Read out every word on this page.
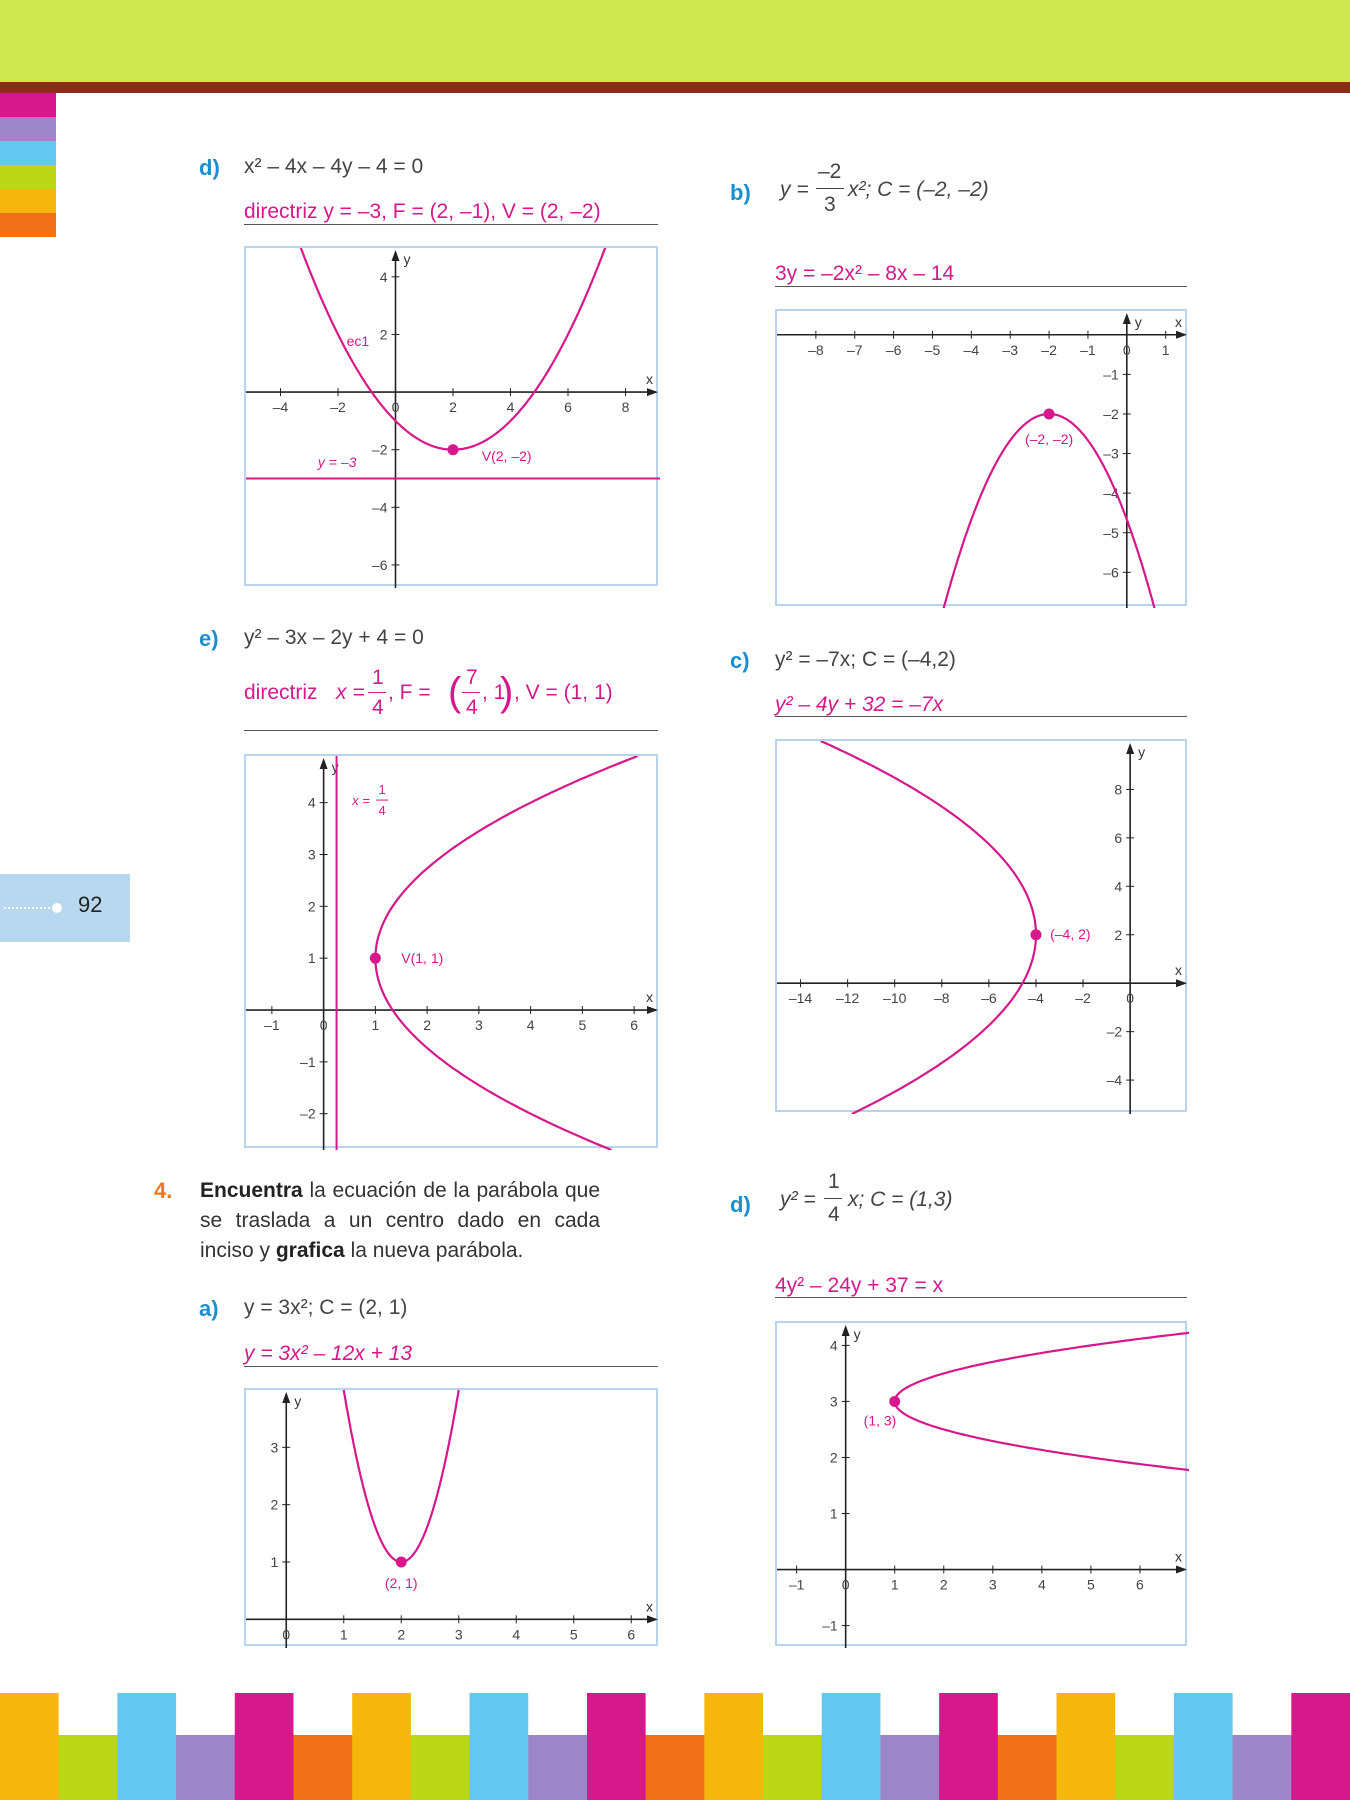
92
d) x² – 4x – 4y – 4 = 0
directriz y = –3, F = (2, –1), V = (2, –2)
x
y
–4	–2	0	2	4	6	8
4
2
–2
–4
–6
y = –3
ec1
V(2, –2)
e) y² – 3x – 2y + 4 = 0
directriz x =
1
4
, F = ( 7
4
, 1
) , V = (1, 1)
x
y
–1	0	1	2	3	4	5	6
4
3
2
1
–1
–2
x =
1
4
V(1, 1)
4. Encuentra la ecuación de la parábola que se traslada a un centro dado en cada inciso y grafica la nueva parábola.
a) y = 3x²; C = (2, 1)
y = 3x² – 12x + 13
x
y
0	1	2	3	4	5	6
3
2
1
(2, 1)
b) y =
–2
3
x²; C = (–2, –2)
3y = –2x² – 8x – 14
x
y
–8 –7 –6 –5 –4 –3 –2 –1 0 1
–1
–2
–3
–4
–5
–6
(–2, –2)
c) y² = –7x; C = (–4,2)
y² – 4y + 32 = –7x
x
y
–14 –12 –10 –8 –6 –4 –2	0
8
6
4
2
–2
–4
(–4, 2)
d) y² =
1
4
x; C = (1,3)
4y² – 24y + 37 = x
x
y
–1	0	1	2	3	4	5	6
4
3
2
1
–1
(1, 3)
